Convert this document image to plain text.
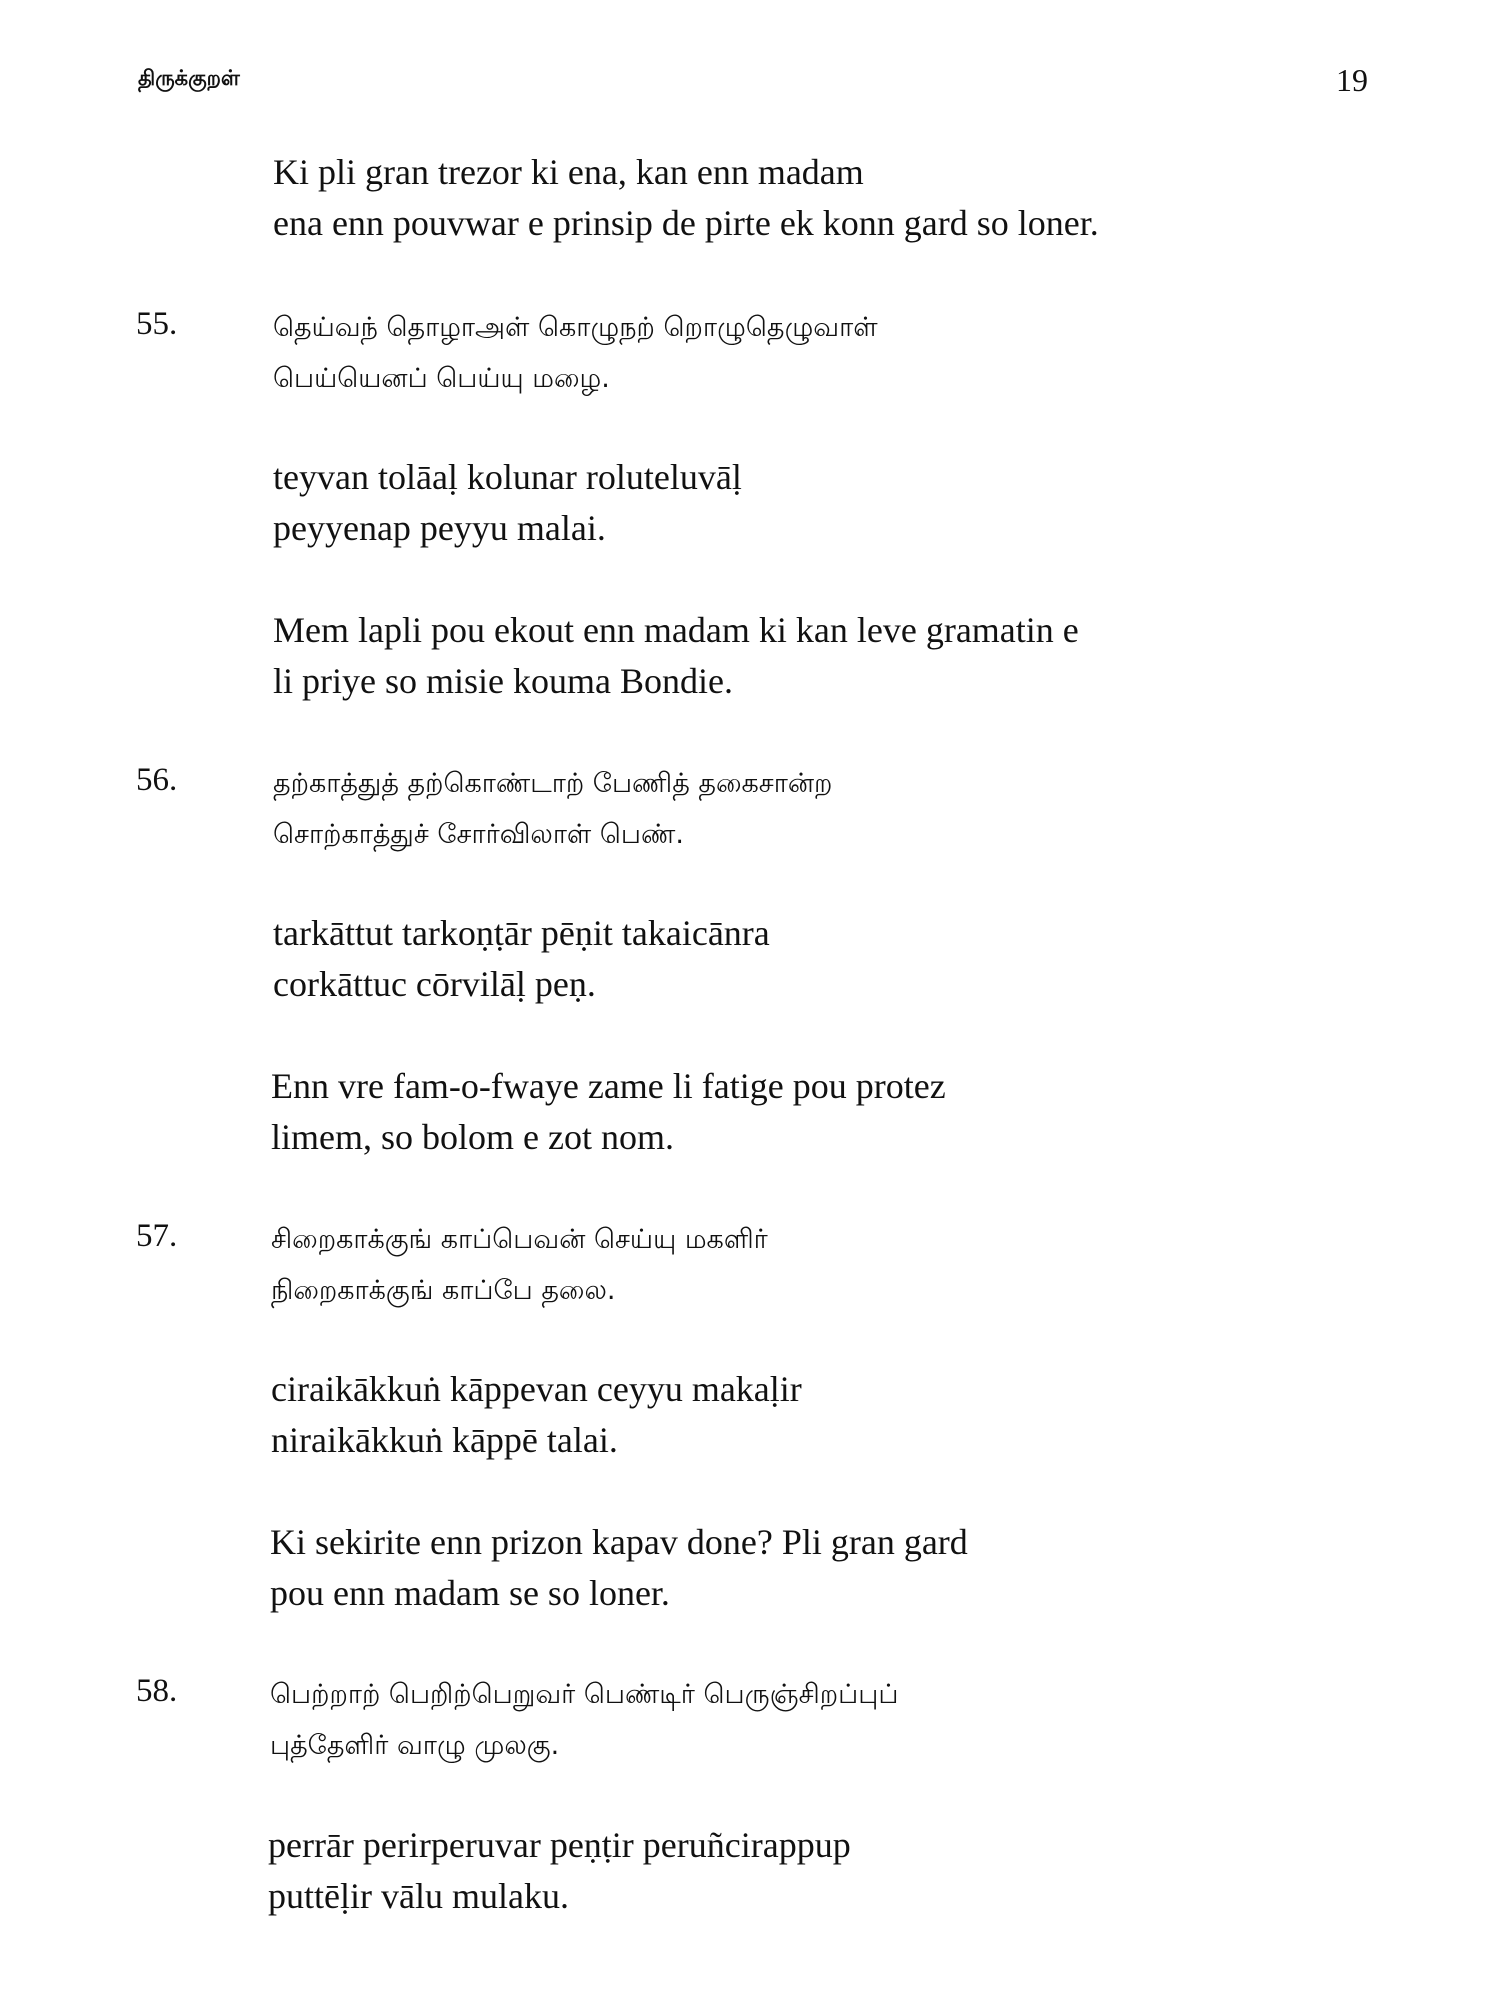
திருக்குறள்	19
Ki pli gran trezor ki ena, kan enn madam
ena enn pouvwar e prinsip de pirte ek konn gard so loner.
55.	தெய்வந் தொழாஅள் கொழுநற் றொழுதெழுவாள்
பெய்யெனப் பெய்யு மழை.
teyvan tolāaḷ kolunar roluteluvāḷ
peyyenap peyyu malai.
Mem lapli pou ekout enn madam ki kan leve gramatin e
li priye so misie kouma Bondie.
56.	தற்காத்துத் தற்கொண்டாற் பேணித் தகைசான்ற
சொற்காத்துச் சோர்விலாள் பெண்.
tarkāttut tarkoṇṭār pēṇit takaicānra
corkāttuc cōrvilāḷ peṇ.
Enn vre fam-o-fwaye zame li fatige pou protez
limem, so bolom e zot nom.
57.	சிறைகாக்குங் காப்பெவன் செய்யு மகளிர்
நிறைகாக்குங் காப்பே தலை.
ciraikākkuṅ kāppevan ceyyu makaḷir
niraikākkuṅ kāppē talai.
Ki sekirite enn prizon kapav done? Pli gran gard
pou enn madam se so loner.
58.	பெற்றாற் பெறிற்பெறுவர் பெண்டிர் பெருஞ்சிறப்புப்
புத்தேளிர் வாழு முலகு.
perrār perirperuvar peṇṭir peruñcirappup
puttēḷir vālu mulaku.
